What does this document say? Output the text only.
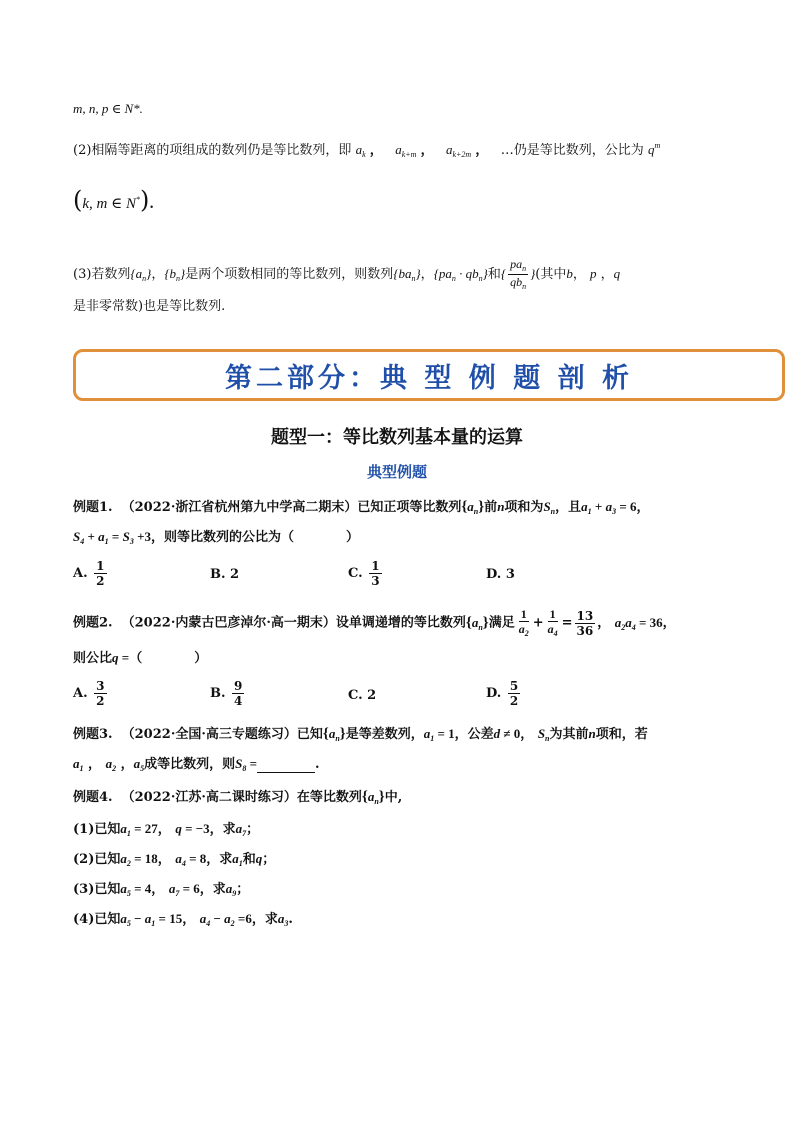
m, n, p ∈ N*.
(2)相隔等距离的项组成的数列仍是等比数列，即 $a_k$ ， $a_{k+m}$ ， $a_{k+2m}$ ， …仍是等比数列，公比为 $q^m$
(k, m ∈ N*).
(3)若数列$\{a_n\}$，$\{b_n\}$是两个项数相同的等比数列，则数列$\{ba_n\}$，$\{pa_n \cdot qb_n\}$和{ $\frac{pa_n}{qb_n}$ }(其中b， p ，q
是非零常数)也是等比数列.
第二部分：典 型 例 题 剖 析
题型一：等比数列基本量的运算
典型例题
例题1. （2022·浙江省杭州第九中学高二期末）已知正项等比数列$\{a_n\}$前n项和为$S_n$，且$a_1 + a_3 = 6$，
$S_4 + a_1 = S_3 +3$，则等比数列的公比为（　　　　）
A. $\frac{1}{2}$	B. 2	C. $\frac{1}{3}$	D. 3
例题2. （2022·内蒙古巴彦淖尔·高一期末）设单调递增的等比数列$\{a_n\}$满足 $\frac{1}{a_2} + \frac{1}{a_4} = \frac{13}{36}$ ， $a_2a_4 = 36$，
则公比q =（　　　　）
A. $\frac{3}{2}$	B. $\frac{9}{4}$	C. 2	D. $\frac{5}{2}$
例题3. （2022·全国·高三专题练习）已知$\{a_n\}$是等差数列，$a_1 = 1$，公差d ≠ 0， $S_n$为其前n项和，若
$a_1$ ， $a_2$ ，$a_5$成等比数列，则$S_8$ =	.
例题4. （2022·江苏·高二课时练习）在等比数列$\{a_n\}$中,
(1)已知$a_1 = 27$， q = −3，求$a_7$；
(2)已知$a_2 = 18$， $a_4 = 8$，求$a_1$和q；
(3)已知$a_5 = 4$， $a_7 = 6$，求$a_9$；
(4)已知$a_5 - a_1 = 15$， $a_4 - a_2 =6$，求$a_3$.
